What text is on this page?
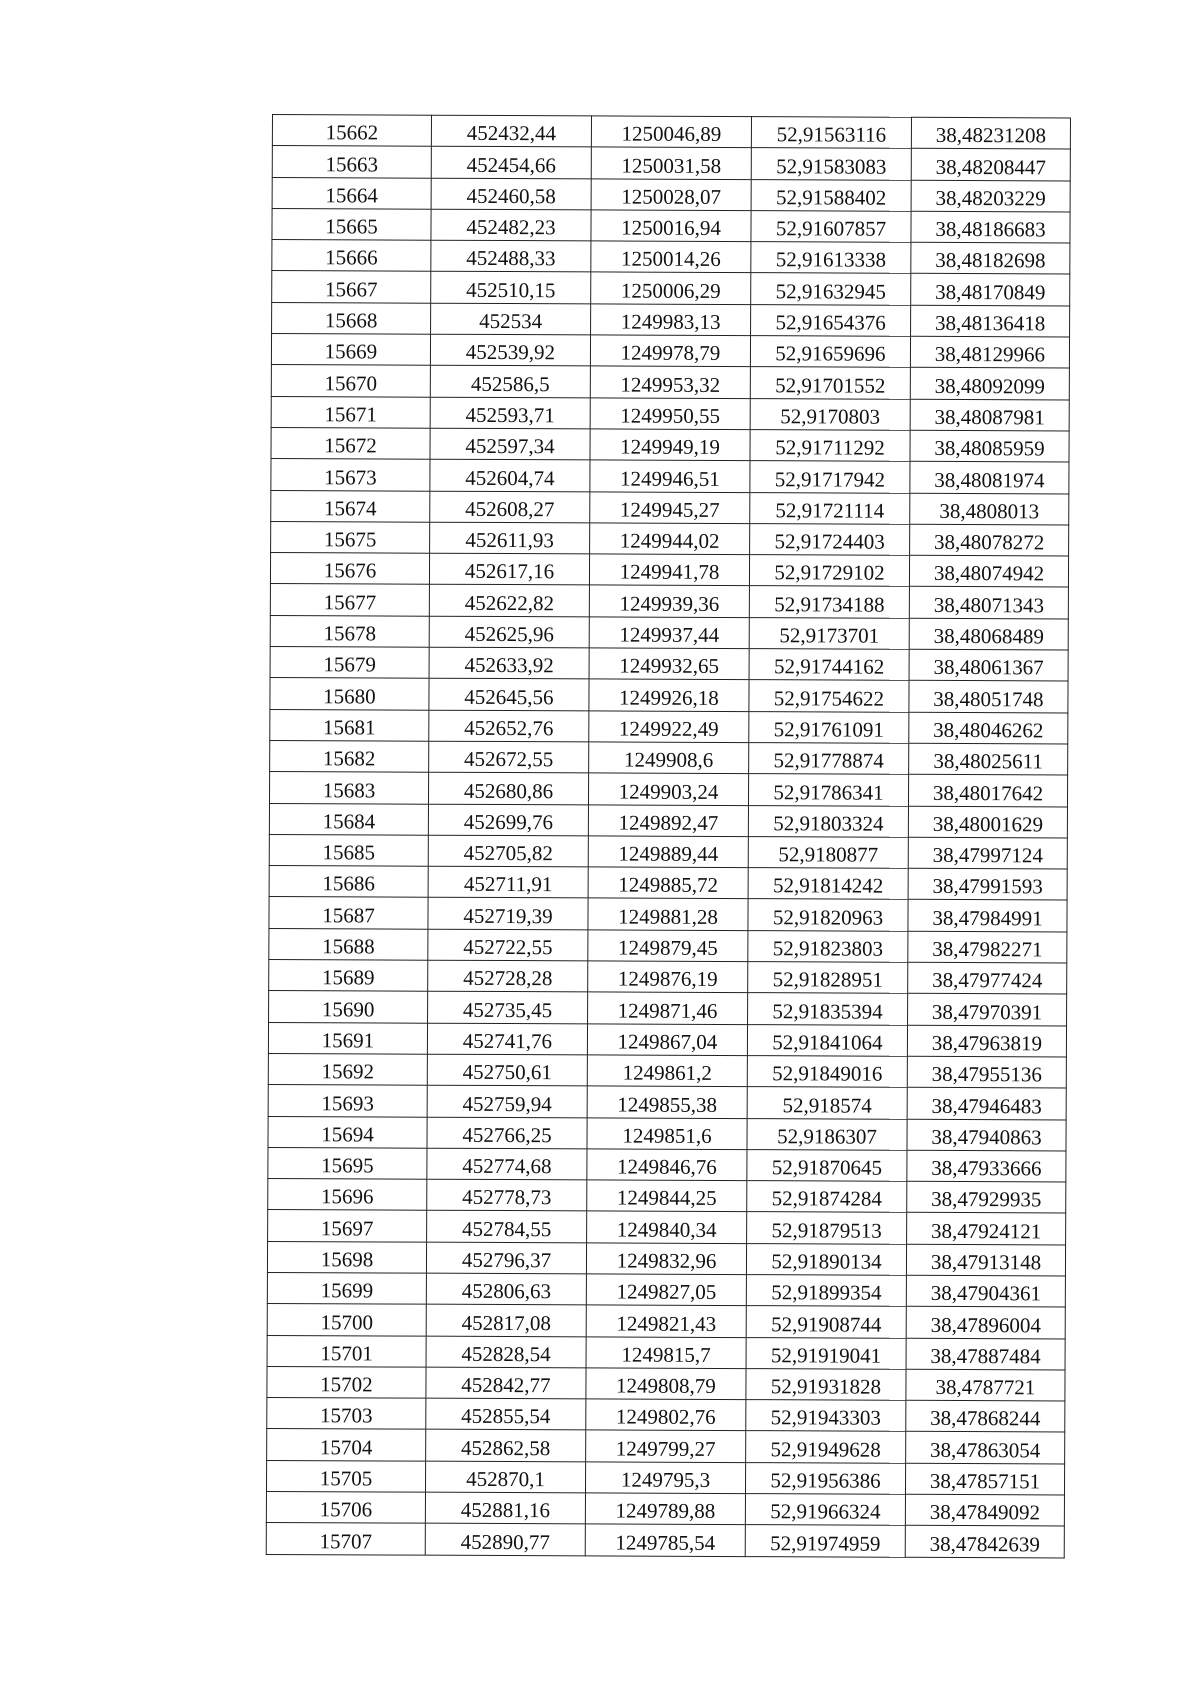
15662	452432,44	1250046,89	52,91563116	38,48231208
15663	452454,66	1250031,58	52,91583083	38,48208447
15664	452460,58	1250028,07	52,91588402	38,48203229
15665	452482,23	1250016,94	52,91607857	38,48186683
15666	452488,33	1250014,26	52,91613338	38,48182698
15667	452510,15	1250006,29	52,91632945	38,48170849
15668	452534	1249983,13	52,91654376	38,48136418
15669	452539,92	1249978,79	52,91659696	38,48129966
15670	452586,5	1249953,32	52,91701552	38,48092099
15671	452593,71	1249950,55	52,9170803	38,48087981
15672	452597,34	1249949,19	52,91711292	38,48085959
15673	452604,74	1249946,51	52,91717942	38,48081974
15674	452608,27	1249945,27	52,91721114	38,4808013
15675	452611,93	1249944,02	52,91724403	38,48078272
15676	452617,16	1249941,78	52,91729102	38,48074942
15677	452622,82	1249939,36	52,91734188	38,48071343
15678	452625,96	1249937,44	52,9173701	38,48068489
15679	452633,92	1249932,65	52,91744162	38,48061367
15680	452645,56	1249926,18	52,91754622	38,48051748
15681	452652,76	1249922,49	52,91761091	38,48046262
15682	452672,55	1249908,6	52,91778874	38,48025611
15683	452680,86	1249903,24	52,91786341	38,48017642
15684	452699,76	1249892,47	52,91803324	38,48001629
15685	452705,82	1249889,44	52,9180877	38,47997124
15686	452711,91	1249885,72	52,91814242	38,47991593
15687	452719,39	1249881,28	52,91820963	38,47984991
15688	452722,55	1249879,45	52,91823803	38,47982271
15689	452728,28	1249876,19	52,91828951	38,47977424
15690	452735,45	1249871,46	52,91835394	38,47970391
15691	452741,76	1249867,04	52,91841064	38,47963819
15692	452750,61	1249861,2	52,91849016	38,47955136
15693	452759,94	1249855,38	52,918574	38,47946483
15694	452766,25	1249851,6	52,9186307	38,47940863
15695	452774,68	1249846,76	52,91870645	38,47933666
15696	452778,73	1249844,25	52,91874284	38,47929935
15697	452784,55	1249840,34	52,91879513	38,47924121
15698	452796,37	1249832,96	52,91890134	38,47913148
15699	452806,63	1249827,05	52,91899354	38,47904361
15700	452817,08	1249821,43	52,91908744	38,47896004
15701	452828,54	1249815,7	52,91919041	38,47887484
15702	452842,77	1249808,79	52,91931828	38,4787721
15703	452855,54	1249802,76	52,91943303	38,47868244
15704	452862,58	1249799,27	52,91949628	38,47863054
15705	452870,1	1249795,3	52,91956386	38,47857151
15706	452881,16	1249789,88	52,91966324	38,47849092
15707	452890,77	1249785,54	52,91974959	38,47842639
